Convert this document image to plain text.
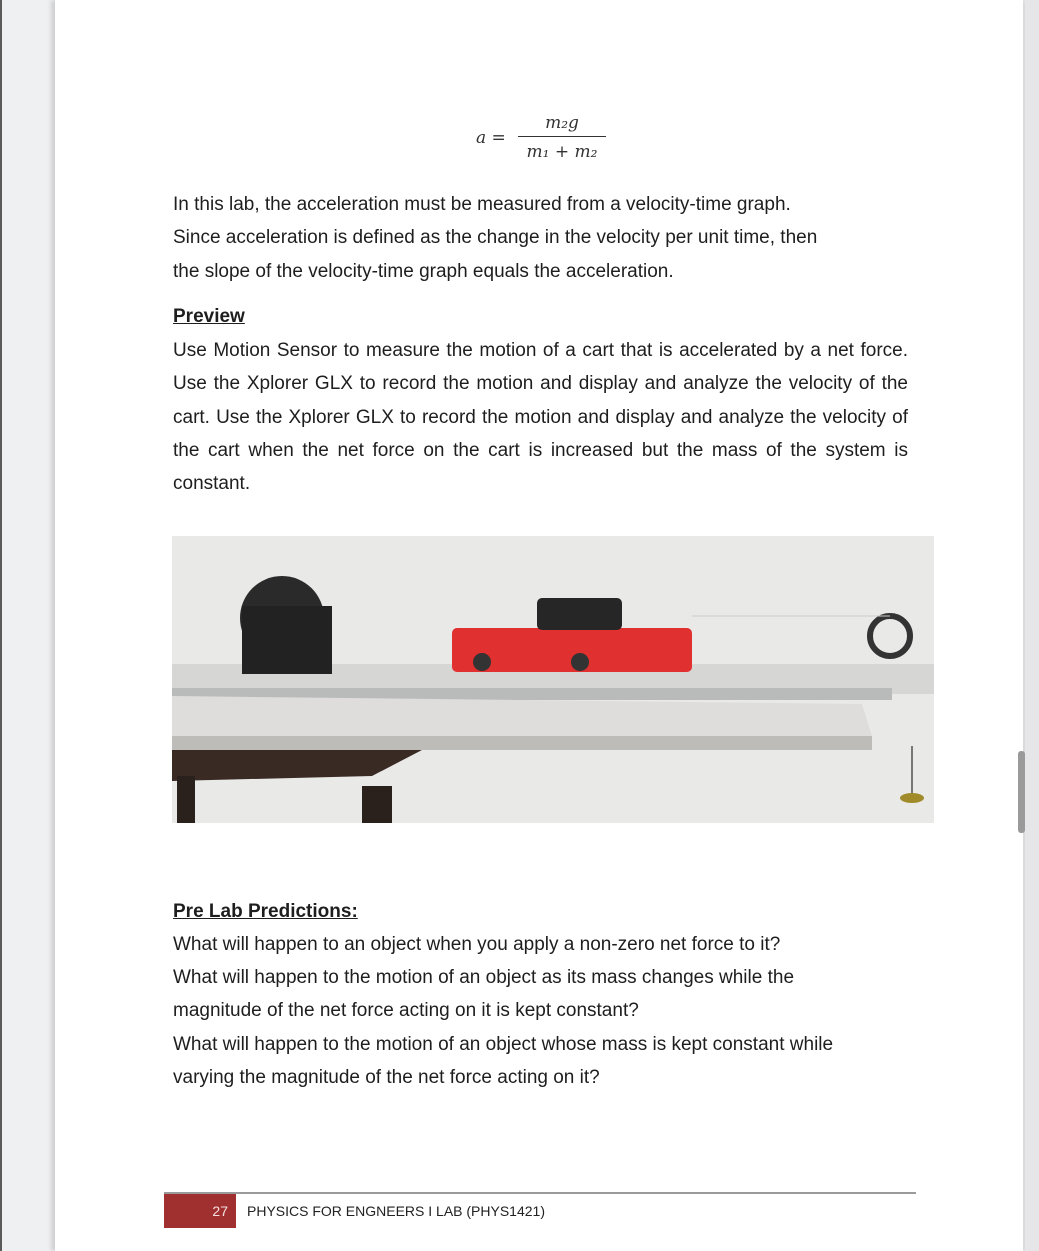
$a = \frac{\text{m₂g}}{\text{m₁ + m₂}}$
In this lab, the acceleration must be measured from a velocity-time graph.
Since acceleration is defined as the change in the velocity per unit time, then
the slope of the velocity-time graph equals the acceleration.
Preview
Use Motion Sensor to measure the motion of a cart that is accelerated by a net force. Use the Xplorer GLX to record the motion and display and analyze the velocity of the cart. Use the Xplorer GLX to record the motion and display and analyze the velocity of the cart when the net force on the cart is increased but the mass of the system is constant.
Pre Lab Predictions:
What will happen to an object when you apply a non-zero net force to it?
What will happen to the motion of an object as its mass changes while the magnitude of the net force acting on it is kept constant?
What will happen to the motion of an object whose mass is kept constant while varying the magnitude of the net force acting on it?
27	PHYSICS FOR ENGNEERS I LAB (PHYS1421)
